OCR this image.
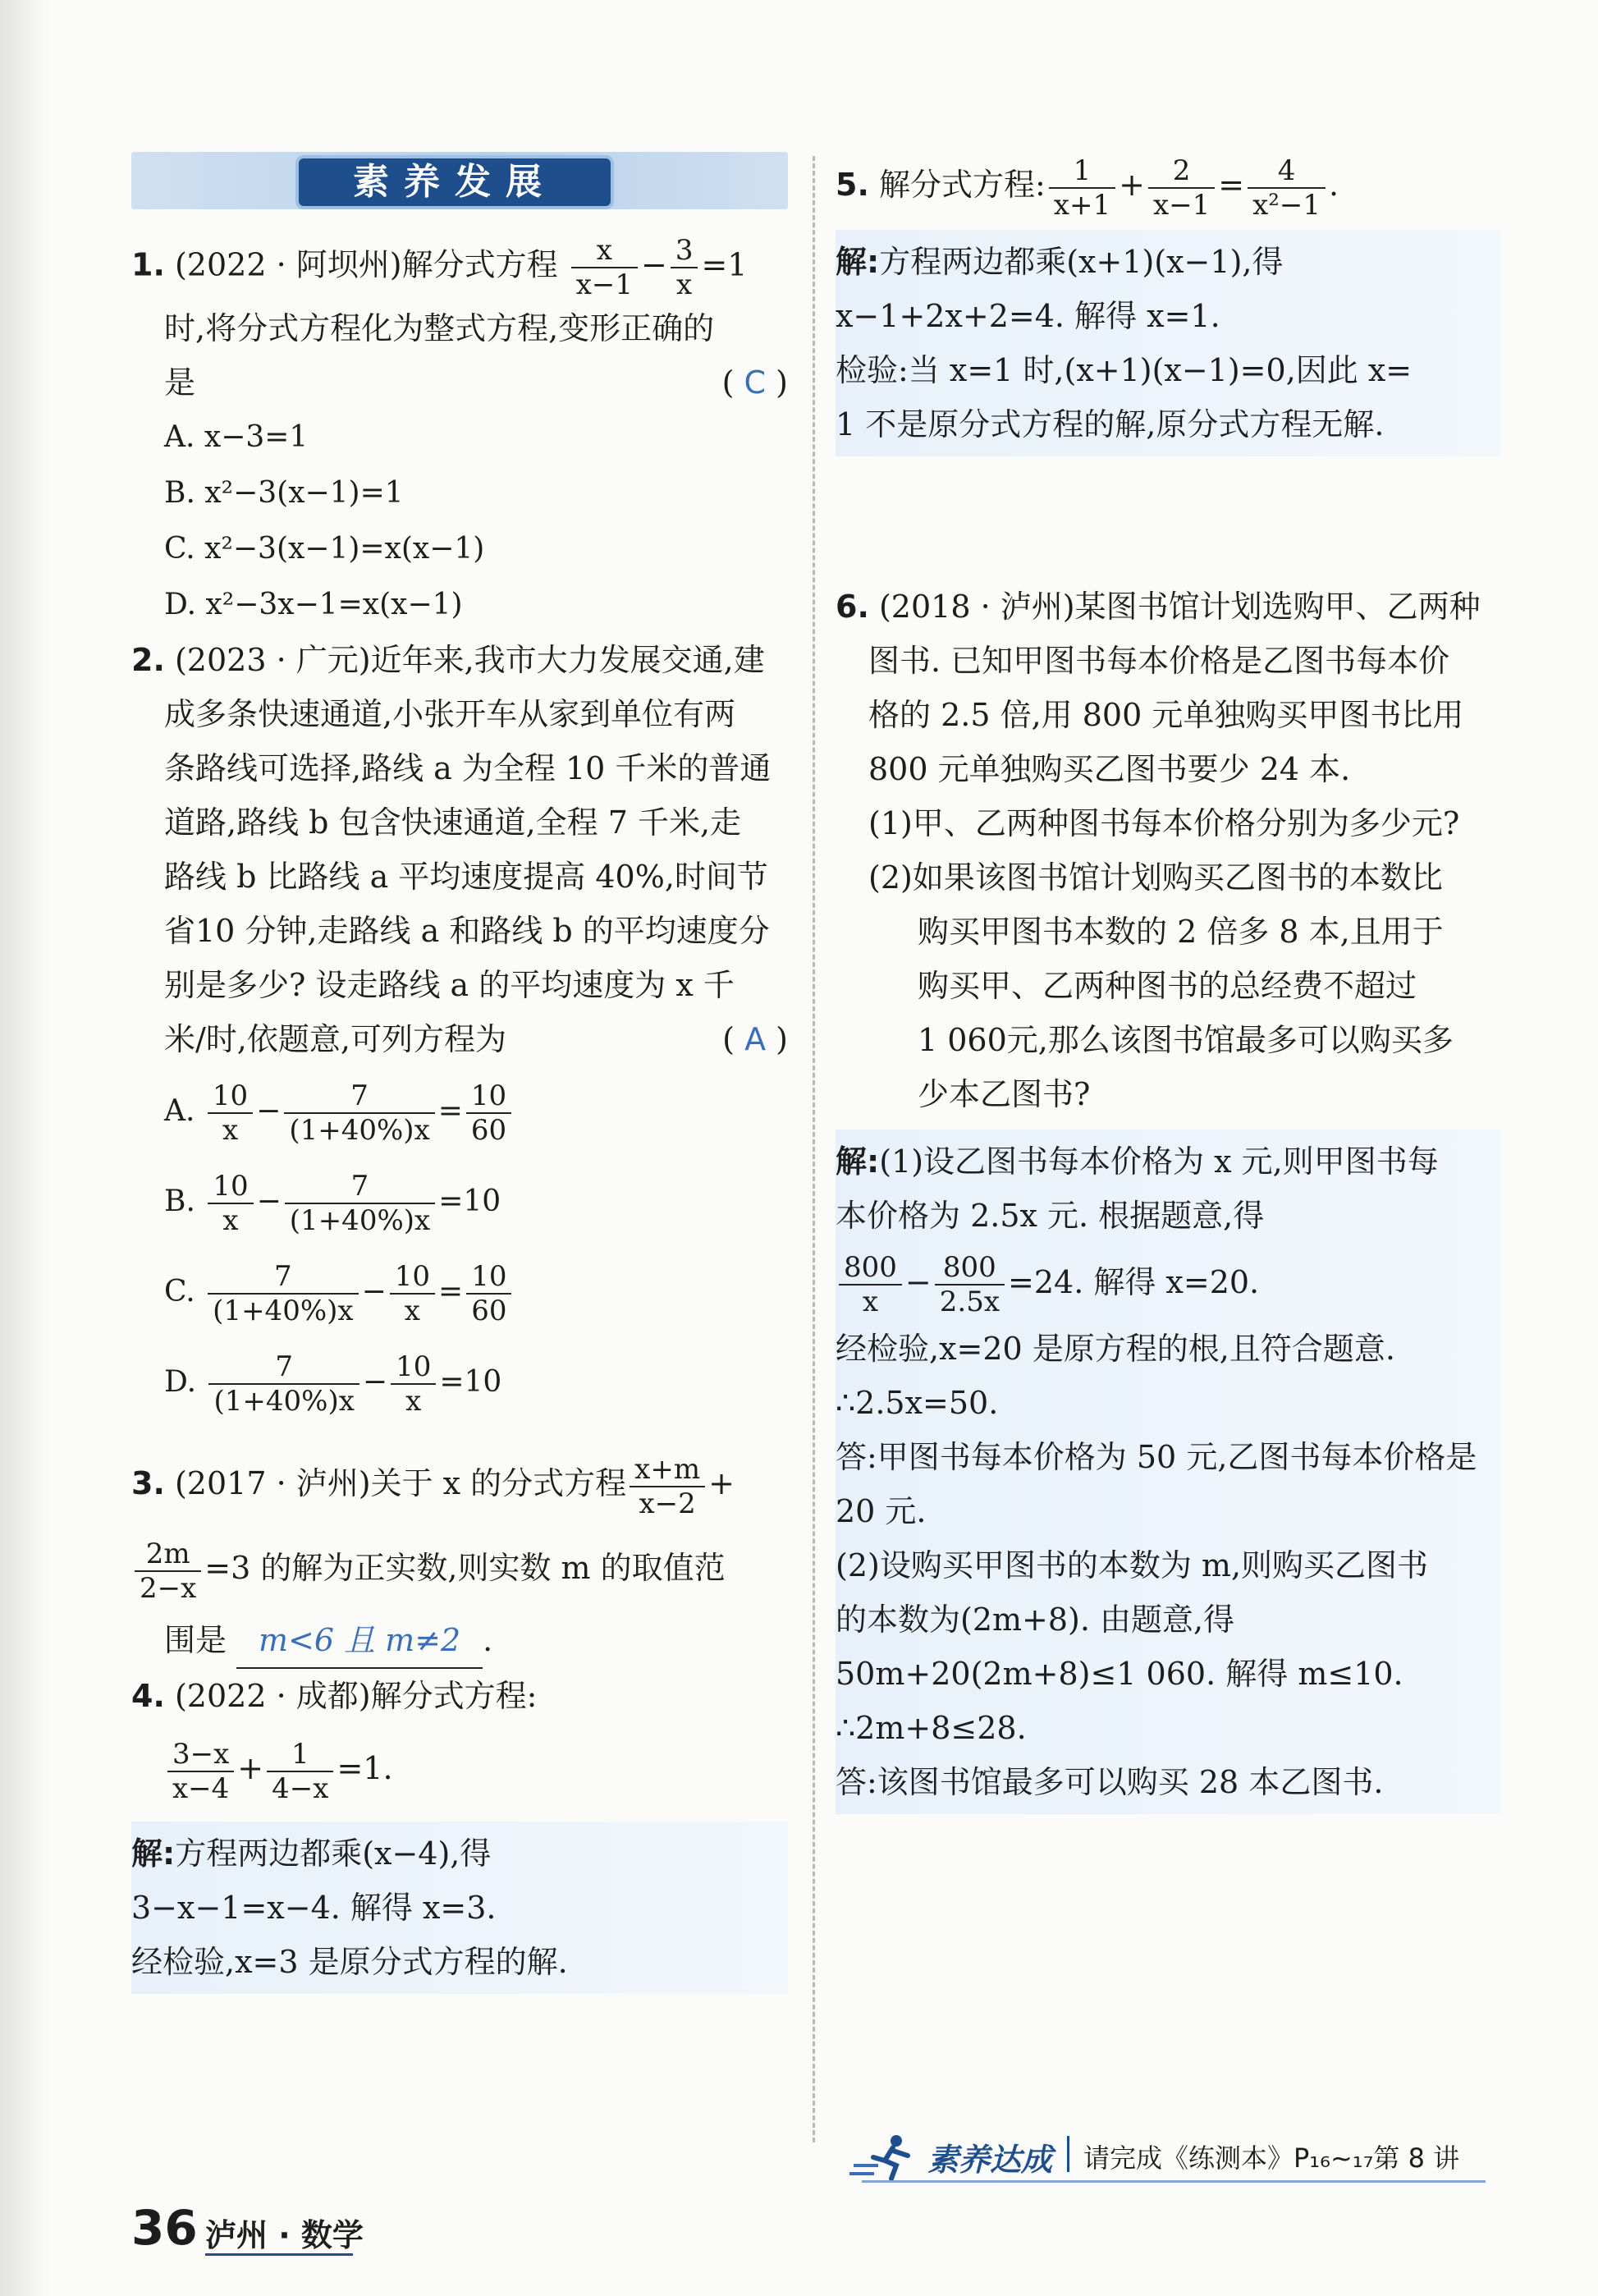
素养发展
1. (2022 · 阿坝州)解分式方程 $\frac{x}{x-1} - \frac{3}{x} =1$
时,将分式方程化为整式方程,变形正确的
是	( C )
A. x−3=1
B. x²−3(x−1)=1
C. x²−3(x−1)=x(x−1)
D. x²−3x−1=x(x−1)
2. (2023 · 广元)近年来,我市大力发展交通,建
成多条快速通道,小张开车从家到单位有两
条路线可选择,路线 a 为全程 10 千米的普通
道路,路线 b 包含快速通道,全程 7 千米,走
路线 b 比路线 a 平均速度提高 40%,时间节
省10 分钟,走路线 a 和路线 b 的平均速度分
别是多少? 设走路线 a 的平均速度为 x 千
米/时,依题意,可列方程为	( A )
A. $\frac{10}{x} - \frac{7}{(1+40\%)x} = \frac{10}{60}$
B. $\frac{10}{x} - \frac{7}{(1+40\%)x} =10$
C. $\frac{7}{(1+40\%)x} - \frac{10}{x} = \frac{10}{60}$
D. $\frac{7}{(1+40\%)x} - \frac{10}{x} =10$
3. (2017 · 泸州)关于 x 的分式方程 $\frac{x+m}{x-2}$ +
$\frac{2m}{2-x} =3$ 的解为正实数,则实数 m 的取值范
围是 m<6 且 m≠2 .
4. (2022 · 成都)解分式方程:
$\frac{3-x}{x-4} + \frac{1}{4-x} =1$.
解:方程两边都乘(x−4),得
3−x−1=x−4. 解得 x=3.
经检验,x=3 是原分式方程的解.
5. 解分式方程: $\frac{1}{x+1} + \frac{2}{x-1} = \frac{4}{\text{x²−1}}$ .
解:方程两边都乘(x+1)(x−1),得
x−1+2x+2=4. 解得 x=1.
检验:当 x=1 时,(x+1)(x−1)=0,因此 x=
1 不是原分式方程的解,原分式方程无解.
6. (2018 · 泸州)某图书馆计划选购甲、乙两种
图书. 已知甲图书每本价格是乙图书每本价
格的 2.5 倍,用 800 元单独购买甲图书比用
800 元单独购买乙图书要少 24 本.
(1)甲、乙两种图书每本价格分别为多少元?
(2)如果该图书馆计划购买乙图书的本数比
购买甲图书本数的 2 倍多 8 本,且用于
购买甲、乙两种图书的总经费不超过
1 060元,那么该图书馆最多可以购买多
少本乙图书?
解:(1)设乙图书每本价格为 x 元,则甲图书每
本价格为 2.5x 元. 根据题意,得
$\frac{800}{x} - \frac{800}{2.5x} =24$. 解得 x=20.
经检验,x=20 是原方程的根,且符合题意.
∴2.5x=50.
答:甲图书每本价格为 50 元,乙图书每本价格是
20 元.
(2)设购买甲图书的本数为 m,则购买乙图书
的本数为(2m+8). 由题意,得
50m+20(2m+8)≤1 060. 解得 m≤10.
∴2m+8≤28.
答:该图书馆最多可以购买 28 本乙图书.
素养达成 请完成《练测本》P₁₆~₁₇第 8 讲
36 泸州 · 数学
